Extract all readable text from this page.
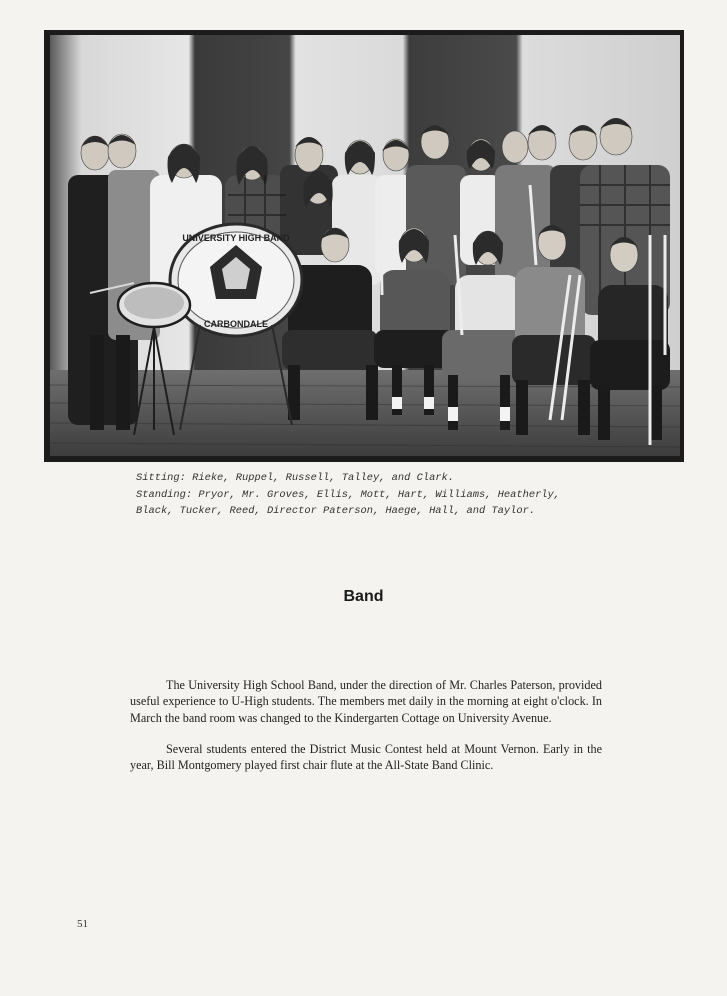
UNIVERSITY HIGH BAND
CARBONDALE
Sitting: Rieke, Ruppel, Russell, Talley, and Clark.
Standing: Pryor, Mr. Groves, Ellis, Mott, Hart, Williams, Heatherly,
Black, Tucker, Reed, Director Paterson, Haege, Hall, and Taylor.
Band

The University High School Band, under the direction of Mr. Charles Paterson, provided useful experience to U-High students. The members met daily in the morning at eight o'clock. In March the band room was changed to the Kindergarten Cottage on University Avenue.

Several students entered the District Music Contest held at Mount Vernon. Early in the year, Bill Montgomery played first chair flute at the All-State Band Clinic.

51
